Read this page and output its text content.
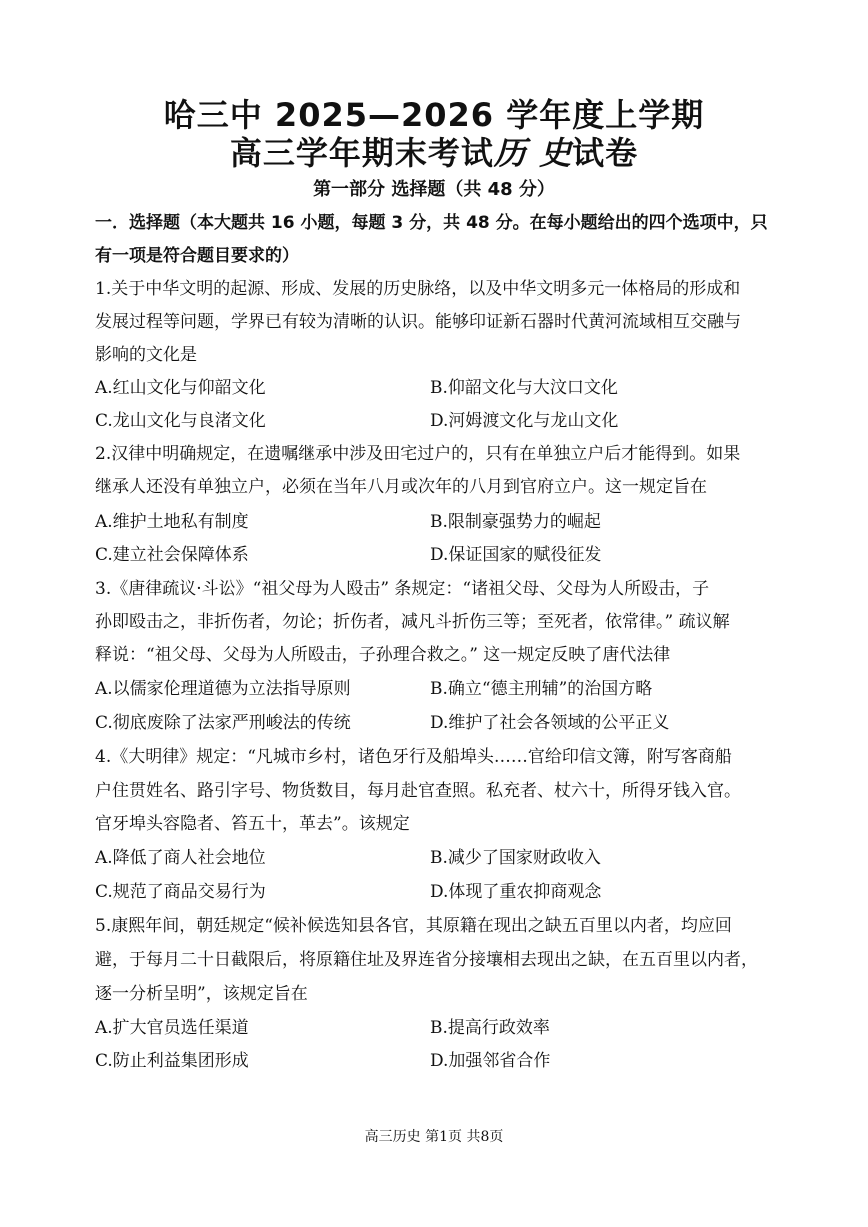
哈三中 2025—2026 学年度上学期
高三学年期末考试历 史试卷
第一部分 选择题（共 48 分）
一．选择题（本大题共 16 小题，每题 3 分，共 48 分。在每小题给出的四个选项中，只
有一项是符合题目要求的）
1.关于中华文明的起源、形成、发展的历史脉络，以及中华文明多元一体格局的形成和
发展过程等问题，学界已有较为清晰的认识。能够印证新石器时代黄河流域相互交融与
影响的文化是
A.红山文化与仰韶文化	B.仰韶文化与大汶口文化
C.龙山文化与良渚文化	D.河姆渡文化与龙山文化
2.汉律中明确规定，在遗嘱继承中涉及田宅过户的，只有在单独立户后才能得到。如果
继承人还没有单独立户，必须在当年八月或次年的八月到官府立户。这一规定旨在
A.维护土地私有制度	B.限制豪强势力的崛起
C.建立社会保障体系	D.保证国家的赋役征发
3.《唐律疏议·斗讼》“祖父母为人殴击” 条规定：“诸祖父母、父母为人所殴击，子
孙即殴击之，非折伤者，勿论；折伤者，减凡斗折伤三等；至死者，依常律。” 疏议解
释说：“祖父母、父母为人所殴击，子孙理合救之。” 这一规定反映了唐代法律
A.以儒家伦理道德为立法指导原则	B.确立“德主刑辅”的治国方略
C.彻底废除了法家严刑峻法的传统	D.维护了社会各领域的公平正义
4.《大明律》规定：“凡城市乡村，诸色牙行及船埠头……官给印信文簿，附写客商船
户住贯姓名、路引字号、物货数目，每月赴官查照。私充者、杖六十，所得牙钱入官。
官牙埠头容隐者、笞五十，革去”。该规定
A.降低了商人社会地位	B.减少了国家财政收入
C.规范了商品交易行为	D.体现了重农抑商观念
5.康熙年间，朝廷规定“候补候选知县各官，其原籍在现出之缺五百里以内者，均应回
避，于每月二十日截限后，将原籍住址及界连省分接壤相去现出之缺，在五百里以内者，
逐一分析呈明”，该规定旨在
A.扩大官员选任渠道	B.提高行政效率
C.防止利益集团形成	D.加强邻省合作
高三历史 第1页 共8页
